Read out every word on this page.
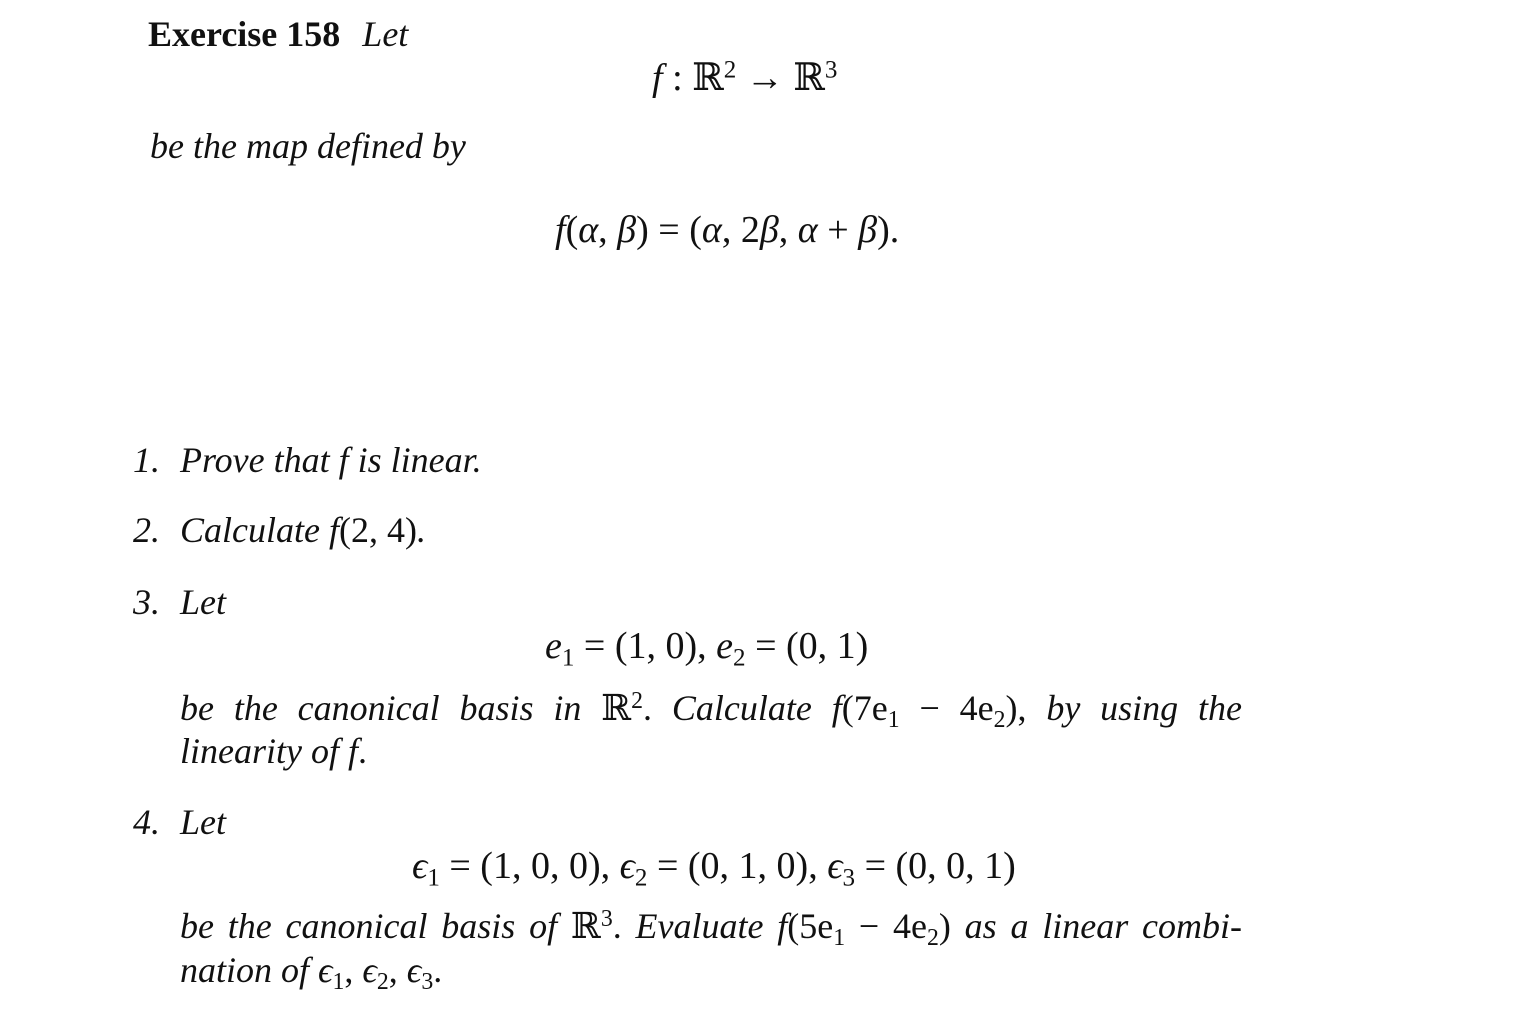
Exercise 158 Let
f : ℝ$^2$ → ℝ$^3$
be the map defined by
f(α, β) = (α, 2β, α + β).
1. Prove that f is linear.
2. Calculate f(2, 4).
3. Let
$e_1 = (1$, 0), $e_2 = (0$, 1)
be the canonical basis in ℝ$^2$. Calculate $f(7e_1 - 4e_2)$, by using the
linearity of f.
4. Let
$\epsilon_1 = (1$, 0, 0), $\epsilon_2 = (0$, 1, 0), $\epsilon_3 = (0$, 0, 1)
be the canonical basis of ℝ$^3$. Evaluate $f(5e_1 - 4e_2)$ as a linear combi-
nation of $\epsilon_1$, $\epsilon_2$, $\epsilon_3$.
